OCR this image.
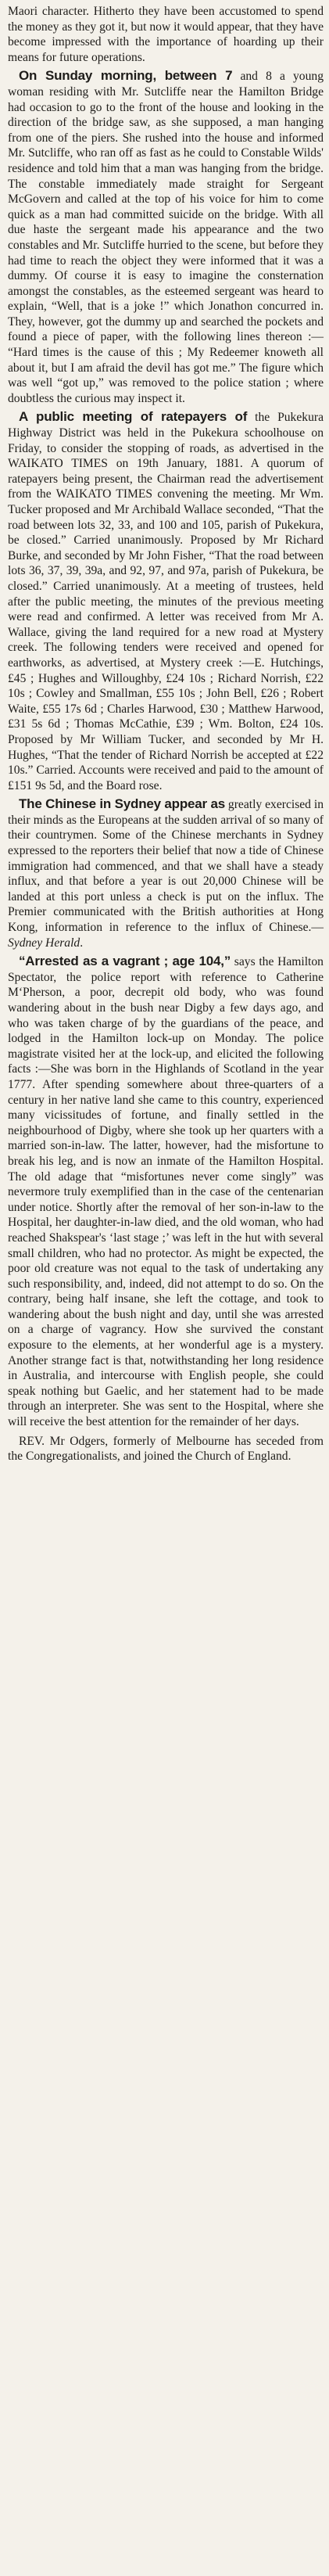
Maori character. Hitherto they have been accustomed to spend the money as they got it, but now it would appear, that they have become impressed with the importance of hoarding up their means for future operations.

On Sunday morning, between 7 and 8 a young woman residing with Mr. Sutcliffe near the Hamilton Bridge had occasion to go to the front of the house and looking in the direction of the bridge saw, as she supposed, a man hanging from one of the piers. She rushed into the house and informed Mr. Sutcliffe, who ran off as fast as he could to Constable Wilds' residence and told him that a man was hanging from the bridge. The constable immediately made straight for Sergeant McGovern and called at the top of his voice for him to come quick as a man had committed suicide on the bridge. With all due haste the sergeant made his appearance and the two constables and Mr. Sutcliffe hurried to the scene, but before they had time to reach the object they were informed that it was a dummy. Of course it is easy to imagine the consternation amongst the constables, as the esteemed sergeant was heard to explain, “Well, that is a joke !” which Jonathon concurred in. They, however, got the dummy up and searched the pockets and found a piece of paper, with the following lines thereon :— “Hard times is the cause of this ; My Redeemer knoweth all about it, but I am afraid the devil has got me.” The figure which was well “got up,” was removed to the police station ; where doubtless the curious may inspect it.

A public meeting of ratepayers of the Pukekura Highway District was held in the Pukekura schoolhouse on Friday, to consider the stopping of roads, as advertised in the WAIKATO TIMES on 19th January, 1881. A quorum of ratepayers being present, the Chairman read the advertisement from the WAIKATO TIMES convening the meeting. Mr Wm. Tucker proposed and Mr Archibald Wallace seconded, “That the road between lots 32, 33, and 100 and 105, parish of Pukekura, be closed.” Carried unanimously. Proposed by Mr Richard Burke, and seconded by Mr John Fisher, “That the road between lots 36, 37, 39, 39a, and 92, 97, and 97a, parish of Pukekura, be closed.” Carried unanimously. At a meeting of trustees, held after the public meeting, the minutes of the previous meeting were read and confirmed. A letter was received from Mr A. Wallace, giving the land required for a new road at Mystery creek. The following tenders were received and opened for earthworks, as advertised, at Mystery creek :—E. Hutchings, £45 ; Hughes and Willoughby, £24 10s ; Richard Norrish, £22 10s ; Cowley and Smallman, £55 10s ; John Bell, £26 ; Robert Waite, £55 17s 6d ; Charles Harwood, £30 ; Matthew Harwood, £31 5s 6d ; Thomas McCathie, £39 ; Wm. Bolton, £24 10s. Proposed by Mr William Tucker, and seconded by Mr H. Hughes, “That the tender of Richard Norrish be accepted at £22 10s.” Carried. Accounts were received and paid to the amount of £151 9s 5d, and the Board rose.

The Chinese in Sydney appear as greatly exercised in their minds as the Europeans at the sudden arrival of so many of their countrymen. Some of the Chinese merchants in Sydney expressed to the reporters their belief that now a tide of Chinese immigration had commenced, and that we shall have a steady influx, and that before a year is out 20,000 Chinese will be landed at this port unless a check is put on the influx. The Premier communicated with the British authorities at Hong Kong, information in reference to the influx of Chinese.—Sydney Herald.

“Arrested as a vagrant ; age 104,” says the Hamilton Spectator, the police report with reference to Catherine M‘Pherson, a poor, decrepit old body, who was found wandering about in the bush near Digby a few days ago, and who was taken charge of by the guardians of the peace, and lodged in the Hamilton lock-up on Monday. The police magistrate visited her at the lock-up, and elicited the following facts :—She was born in the Highlands of Scotland in the year 1777. After spending somewhere about three-quarters of a century in her native land she came to this country, experienced many vicissitudes of fortune, and finally settled in the neighbourhood of Digby, where she took up her quarters with a married son-in-law. The latter, however, had the misfortune to break his leg, and is now an inmate of the Hamilton Hospital. The old adage that “misfortunes never come singly” was nevermore truly exemplified than in the case of the centenarian under notice. Shortly after the removal of her son-in-law to the Hospital, her daughter-in-law died, and the old woman, who had reached Shakspear's ‘last stage ;’ was left in the hut with several small children, who had no protector. As might be expected, the poor old creature was not equal to the task of undertaking any such responsibility, and, indeed, did not attempt to do so. On the contrary, being half insane, she left the cottage, and took to wandering about the bush night and day, until she was arrested on a charge of vagrancy. How she survived the constant exposure to the elements, at her wonderful age is a mystery. Another strange fact is that, notwithstanding her long residence in Australia, and intercourse with English people, she could speak nothing but Gaelic, and her statement had to be made through an interpreter. She was sent to the Hospital, where she will receive the best attention for the remainder of her days.

REV. Mr Odgers, formerly of Melbourne has seceded from the Congregationalists, and joined the Church of England.
